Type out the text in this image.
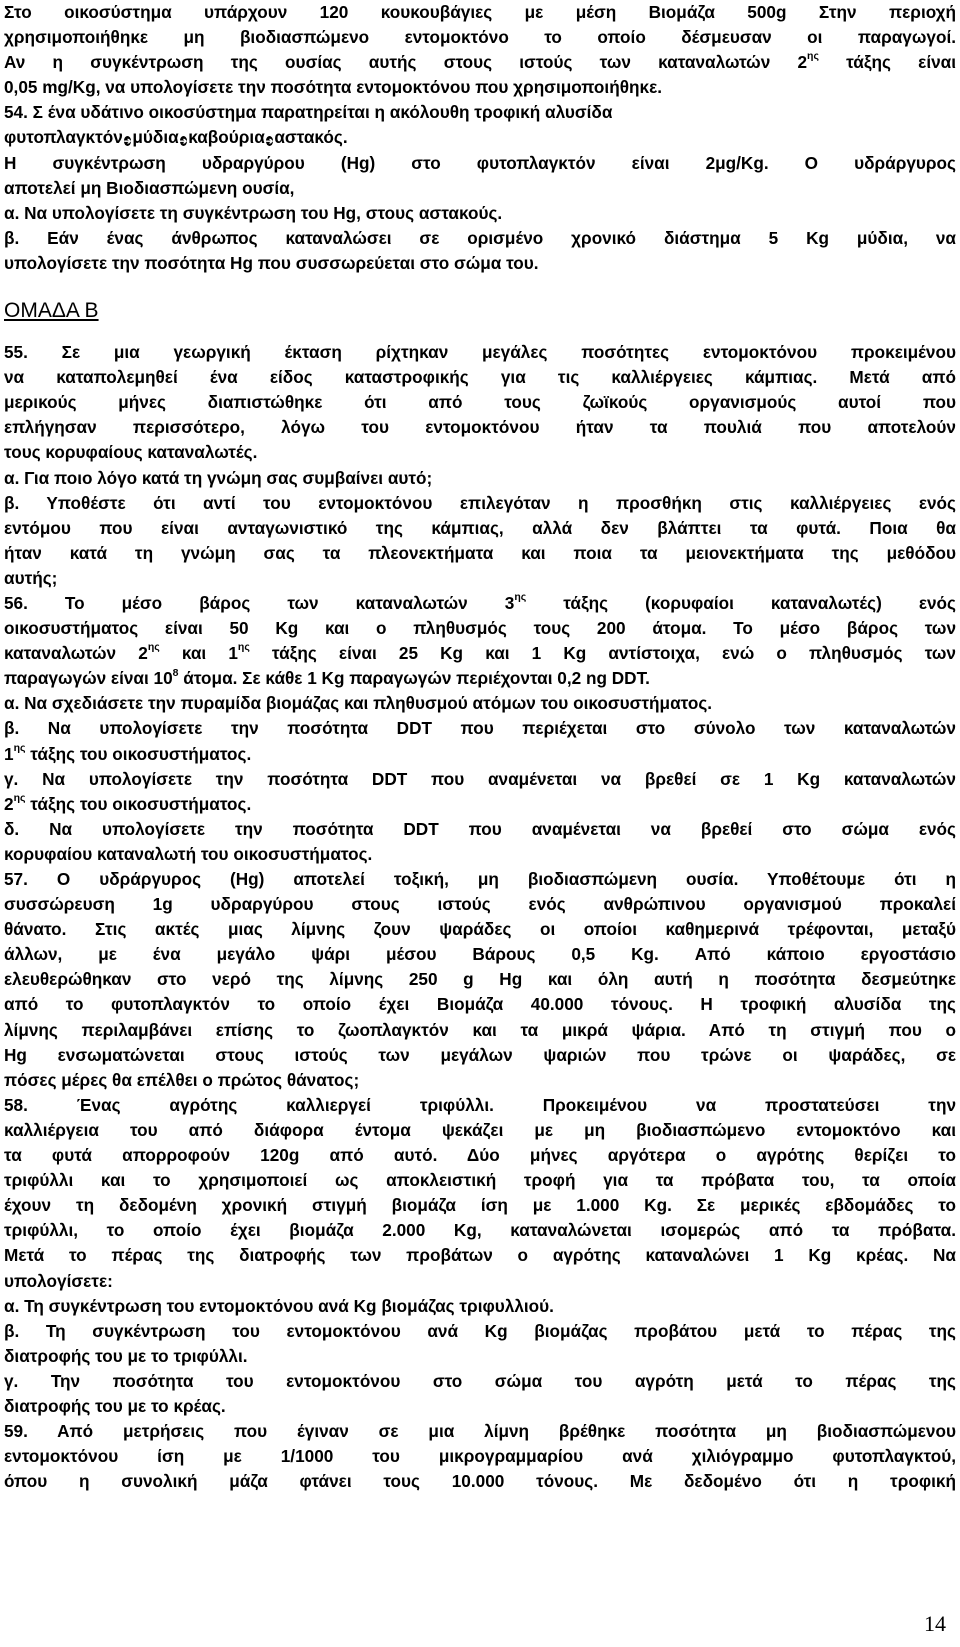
Στο οικοσύστημα υπάρχουν 120 κουκουβάγιες με μέση Βιομάζα 500g Στην περιοχή
χρησιμοποιήθηκε μη βιοδιασπώμενο εντομοκτόνο το οποίο δέσμευσαν οι παραγωγοί.
Αν η συγκέντρωση της ουσίας αυτής στους ιστούς των καταναλωτών $2^{\eta\varsigma}$ τάξης είναι
0,05 mg/Kg, να υπολογίσετε την ποσότητα εντομοκτόνου που χρησιμοποιήθηκε.
54. Σ ένα υδάτινο οικοσύστημα παρατηρείται η ακόλουθη τροφική αλυσίδα
φυτοπλαγκτόν➔μύδια➔καβούρια➔αστακός.
Η συγκέντρωση υδραργύρου (Hg) στο φυτοπλαγκτόν είναι 2μg/Kg. Ο υδράργυρος
αποτελεί μη Βιοδιασπώμενη ουσία,
α. Να υπολογίσετε τη συγκέντρωση του Hg, στους αστακούς.
β. Εάν ένας άνθρωπος καταναλώσει σε ορισμένο χρονικό διάστημα 5 Kg μύδια, να
υπολογίσετε την ποσότητα Hg που συσσωρεύεται στο σώμα του.
ΟΜΑΔΑ Β
55. Σε μια γεωργική έκταση ρίχτηκαν μεγάλες ποσότητες εντομοκτόνου προκειμένου
να καταπολεμηθεί ένα είδος καταστροφικής για τις καλλιέργειες κάμπιας. Μετά από
μερικούς μήνες διαπιστώθηκε ότι από τους ζωϊκούς οργανισμούς αυτοί που
επλήγησαν περισσότερο, λόγω του εντομοκτόνου ήταν τα πουλιά που αποτελούν
τους κορυφαίους καταναλωτές.
α. Για ποιο λόγο κατά τη γνώμη σας συμβαίνει αυτό;
β. Υποθέστε ότι αντί του εντομοκτόνου επιλεγόταν η προσθήκη στις καλλιέργειες ενός
εντόμου που είναι ανταγωνιστικό της κάμπιας, αλλά δεν βλάπτει τα φυτά. Ποια θα
ήταν κατά τη γνώμη σας τα πλεονεκτήματα και ποια τα μειονεκτήματα της μεθόδου
αυτής;
56. Το μέσο βάρος των καταναλωτών $3^{\eta\varsigma}$ τάξης (κορυφαίοι καταναλωτές) ενός
οικοσυστήματος είναι 50 Kg και ο πληθυσμός τους 200 άτομα. Το μέσο βάρος των
καταναλωτών $2^{\eta\varsigma}$ και $1^{\eta\varsigma}$ τάξης είναι 25 Kg και 1 Kg αντίστοιχα, ενώ ο πληθυσμός των
παραγωγών είναι $10^8$ άτομα. Σε κάθε 1 Kg παραγωγών περιέχονται 0,2 ng DDT.
α. Να σχεδιάσετε την πυραμίδα βιομάζας και πληθυσμού ατόμων του οικοσυστήματος.
β. Να υπολογίσετε την ποσότητα DDT που περιέχεται στο σύνολο των καταναλωτών
$1^{\eta\varsigma}$ τάξης του οικοσυστήματος.
γ. Να υπολογίσετε την ποσότητα DDT που αναμένεται να βρεθεί σε 1 Kg καταναλωτών
$2^{\eta\varsigma}$ τάξης του οικοσυστήματος.
δ. Να υπολογίσετε την ποσότητα DDT που αναμένεται να βρεθεί στο σώμα ενός
κορυφαίου καταναλωτή του οικοσυστήματος.
57. Ο υδράργυρος (Hg) αποτελεί τοξική, μη βιοδιασπώμενη ουσία. Υποθέτουμε ότι η
συσσώρευση 1g υδραργύρου στους ιστούς ενός ανθρώπινου οργανισμού προκαλεί
θάνατο. Στις ακτές μιας λίμνης ζουν ψαράδες οι οποίοι καθημερινά τρέφονται, μεταξύ
άλλων, με ένα μεγάλο ψάρι μέσου Βάρους 0,5 Kg. Από κάποιο εργοστάσιο
ελευθερώθηκαν στο νερό της λίμνης 250 g Hg και όλη αυτή η ποσότητα δεσμεύτηκε
από το φυτοπλαγκτόν το οποίο έχει Βιομάζα 40.000 τόνους. Η τροφική αλυσίδα της
λίμνης περιλαμβάνει επίσης το ζωοπλαγκτόν και τα μικρά ψάρια. Από τη στιγμή που ο
Hg ενσωματώνεται στους ιστούς των μεγάλων ψαριών που τρώνε οι ψαράδες, σε
πόσες μέρες θα επέλθει ο πρώτος θάνατος;
58. Ένας αγρότης καλλιεργεί τριφύλλι. Προκειμένου να προστατεύσει την
καλλιέργεια του από διάφορα έντομα ψεκάζει με μη βιοδιασπώμενο εντομοκτόνο και
τα φυτά απορροφούν 120g από αυτό. Δύο μήνες αργότερα ο αγρότης θερίζει το
τριφύλλι και το χρησιμοποιεί ως αποκλειστική τροφή για τα πρόβατα του, τα οποία
έχουν τη δεδομένη χρονική στιγμή βιομάζα ίση με 1.000 Kg. Σε μερικές εβδομάδες το
τριφύλλι, το οποίο έχει βιομάζα 2.000 Kg, καταναλώνεται ισομερώς από τα πρόβατα.
Μετά το πέρας της διατροφής των προβάτων ο αγρότης καταναλώνει 1 Kg κρέας. Να
υπολογίσετε:
α. Τη συγκέντρωση του εντομοκτόνου ανά Kg βιομάζας τριφυλλιού.
β. Τη συγκέντρωση του εντομοκτόνου ανά Kg βιομάζας προβάτου μετά το πέρας της
διατροφής του με το τριφύλλι.
γ. Την ποσότητα του εντομοκτόνου στο σώμα του αγρότη μετά το πέρας της
διατροφής του με το κρέας.
59. Από μετρήσεις που έγιναν σε μια λίμνη βρέθηκε ποσότητα μη βιοδιασπώμενου
εντομοκτόνου ίση με 1/1000 του μικρογραμμαρίου ανά χιλιόγραμμο φυτοπλαγκτού,
όπου η συνολική μάζα φτάνει τους 10.000 τόνους. Με δεδομένο ότι η τροφική
14
